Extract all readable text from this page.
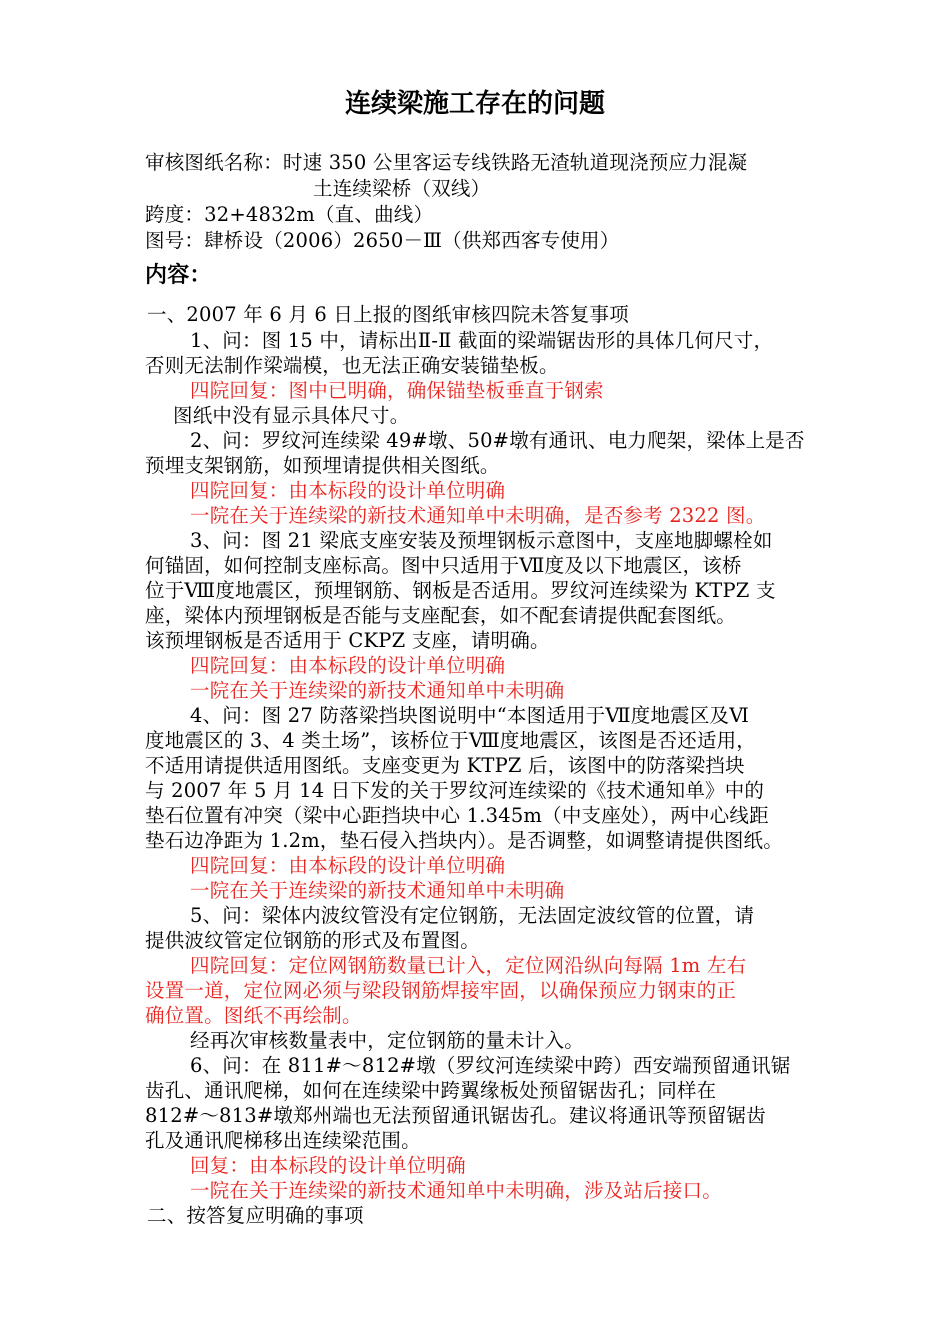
连续梁施工存在的问题
审核图纸名称：时速 350 公里客运专线铁路无渣轨道现浇预应力混凝
土连续梁桥（双线）
跨度：32+4832m（直、曲线）
图号：肆桥设（2006）2650－Ⅲ（供郑西客专使用）
内容：
一、2007 年 6 月 6 日上报的图纸审核四院未答复事项
1、问：图 15 中，请标出Ⅱ-Ⅱ 截面的梁端锯齿形的具体几何尺寸，
否则无法制作梁端模，也无法正确安装锚垫板。
四院回复：图中已明确，确保锚垫板垂直于钢索
图纸中没有显示具体尺寸。
2、问：罗纹河连续梁 49#墩、50#墩有通讯、电力爬架，梁体上是否
预埋支架钢筋，如预埋请提供相关图纸。
四院回复：由本标段的设计单位明确
一院在关于连续梁的新技术通知单中未明确，是否参考 2322 图。
3、问：图 21 梁底支座安装及预埋钢板示意图中，支座地脚螺栓如
何锚固，如何控制支座标高。图中只适用于Ⅶ度及以下地震区，该桥
位于Ⅷ度地震区，预埋钢筋、钢板是否适用。罗纹河连续梁为 KTPZ 支
座，梁体内预埋钢板是否能与支座配套，如不配套请提供配套图纸。
该预埋钢板是否适用于 CKPZ 支座，请明确。
四院回复：由本标段的设计单位明确
一院在关于连续梁的新技术通知单中未明确
4、问：图 27 防落梁挡块图说明中“本图适用于Ⅶ度地震区及Ⅵ
度地震区的 3、4 类土场”，该桥位于Ⅷ度地震区，该图是否还适用，
不适用请提供适用图纸。支座变更为 KTPZ 后，该图中的防落梁挡块
与 2007 年 5 月 14 日下发的关于罗纹河连续梁的《技术通知单》中的
垫石位置有冲突（梁中心距挡块中心 1.345m（中支座处），两中心线距
垫石边净距为 1.2m，垫石侵入挡块内）。是否调整，如调整请提供图纸。
四院回复：由本标段的设计单位明确
一院在关于连续梁的新技术通知单中未明确
5、问：梁体内波纹管没有定位钢筋，无法固定波纹管的位置，请
提供波纹管定位钢筋的形式及布置图。
四院回复：定位网钢筋数量已计入，定位网沿纵向每隔 1m 左右
设置一道，定位网必须与梁段钢筋焊接牢固，以确保预应力钢束的正
确位置。图纸不再绘制。
经再次审核数量表中，定位钢筋的量未计入。
6、问：在 811#～812#墩（罗纹河连续梁中跨）西安端预留通讯锯
齿孔、通讯爬梯，如何在连续梁中跨翼缘板处预留锯齿孔；同样在
812#～813#墩郑州端也无法预留通讯锯齿孔。建议将通讯等预留锯齿
孔及通讯爬梯移出连续梁范围。
回复：由本标段的设计单位明确
一院在关于连续梁的新技术通知单中未明确，涉及站后接口。
二、按答复应明确的事项
